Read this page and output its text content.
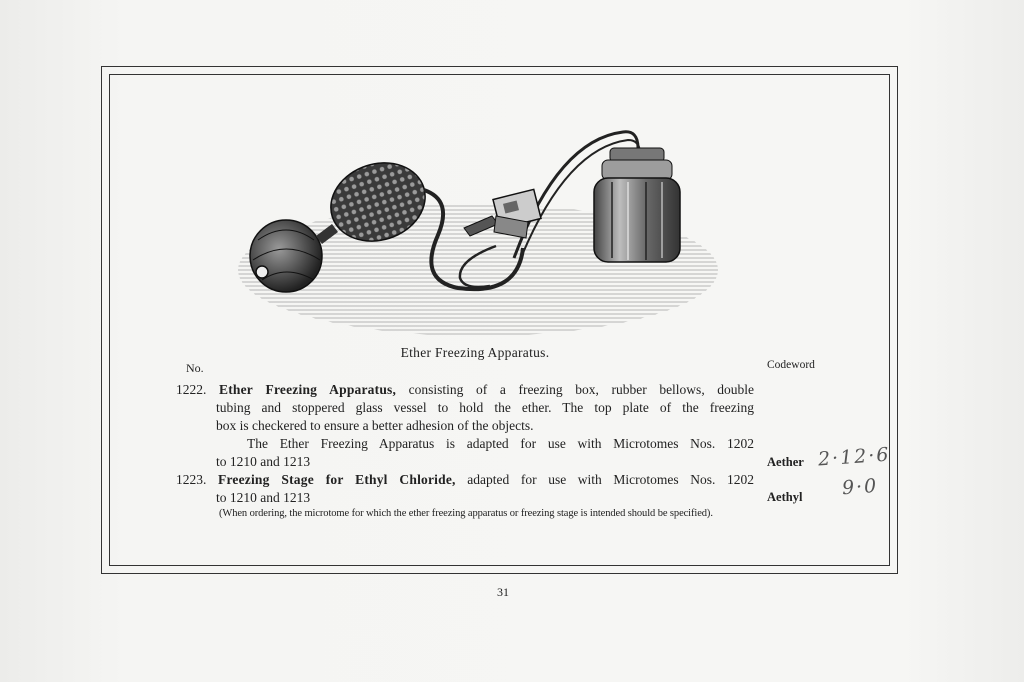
Ether Freezing Apparatus.
No.	Codeword
1222. Ether Freezing Apparatus, consisting of a freezing box, rubber bellows, double
tubing and stoppered glass vessel to hold the ether. The top plate of the freezing
box is checkered to ensure a better adhesion of the objects.
The Ether Freezing Apparatus is adapted for use with Microtomes Nos. 1202
to 1210 and 1213	Aether 2·12·6
1223. Freezing Stage for Ethyl Chloride, adapted for use with Microtomes Nos. 1202
to 1210 and 1213	Aethyl 9·0
(When ordering, the microtome for which the ether freezing apparatus or freezing stage is intended should be specified).
31
